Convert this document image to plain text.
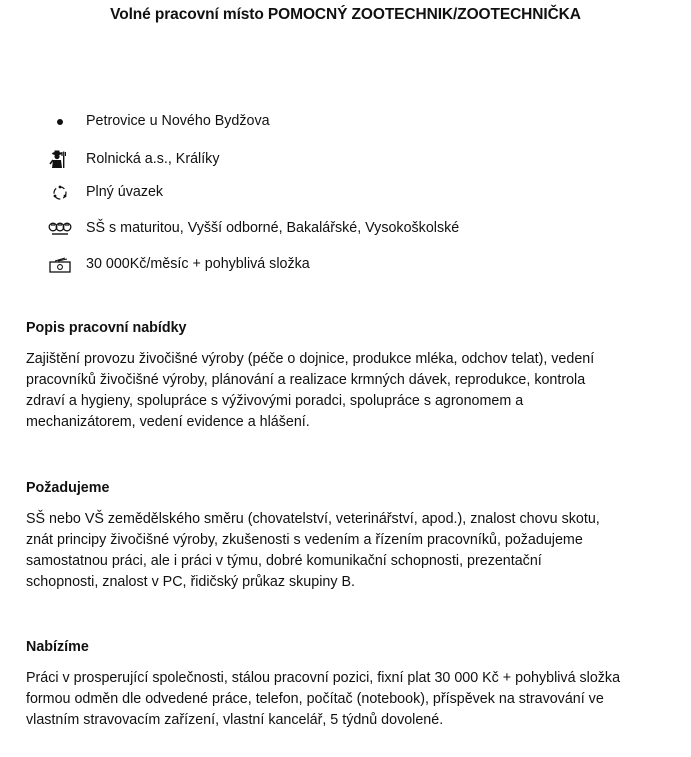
Volné pracovní místo POMOCNÝ ZOOTECHNIK/ZOOTECHNIČKA
Petrovice u Nového Bydžova
Rolnická a.s., Králíky
Plný úvazek
SŠ s maturitou, Vyšší odborné, Bakalářské, Vysokoškolské
30 000Kč/měsíc + pohyblivá složka
Popis pracovní nabídky

Zajištění provozu živočišné výroby (péče o dojnice, produkce mléka, odchov telat), vedení
pracovníků živočišné výroby, plánování a realizace krmných dávek, reprodukce, kontrola
zdraví a hygieny, spolupráce s výživovými poradci, spolupráce s agronomem a
mechanizátorem, vedení evidence a hlášení.

Požadujeme

SŠ nebo VŠ zemědělského směru (chovatelství, veterinářství, apod.), znalost chovu skotu,
znát principy živočišné výroby, zkušenosti s vedením a řízením pracovníků, požadujeme
samostatnou práci, ale i práci v týmu, dobré komunikační schopnosti, prezentační
schopnosti, znalost v PC, řidičský průkaz skupiny B.

Nabízíme

Práci v prosperující společnosti, stálou pracovní pozici, fixní plat 30 000 Kč + pohyblivá složka
formou odměn dle odvedené práce, telefon, počítač (notebook), příspěvek na stravování ve
vlastním stravovacím zařízení, vlastní kancelář, 5 týdnů dovolené.
